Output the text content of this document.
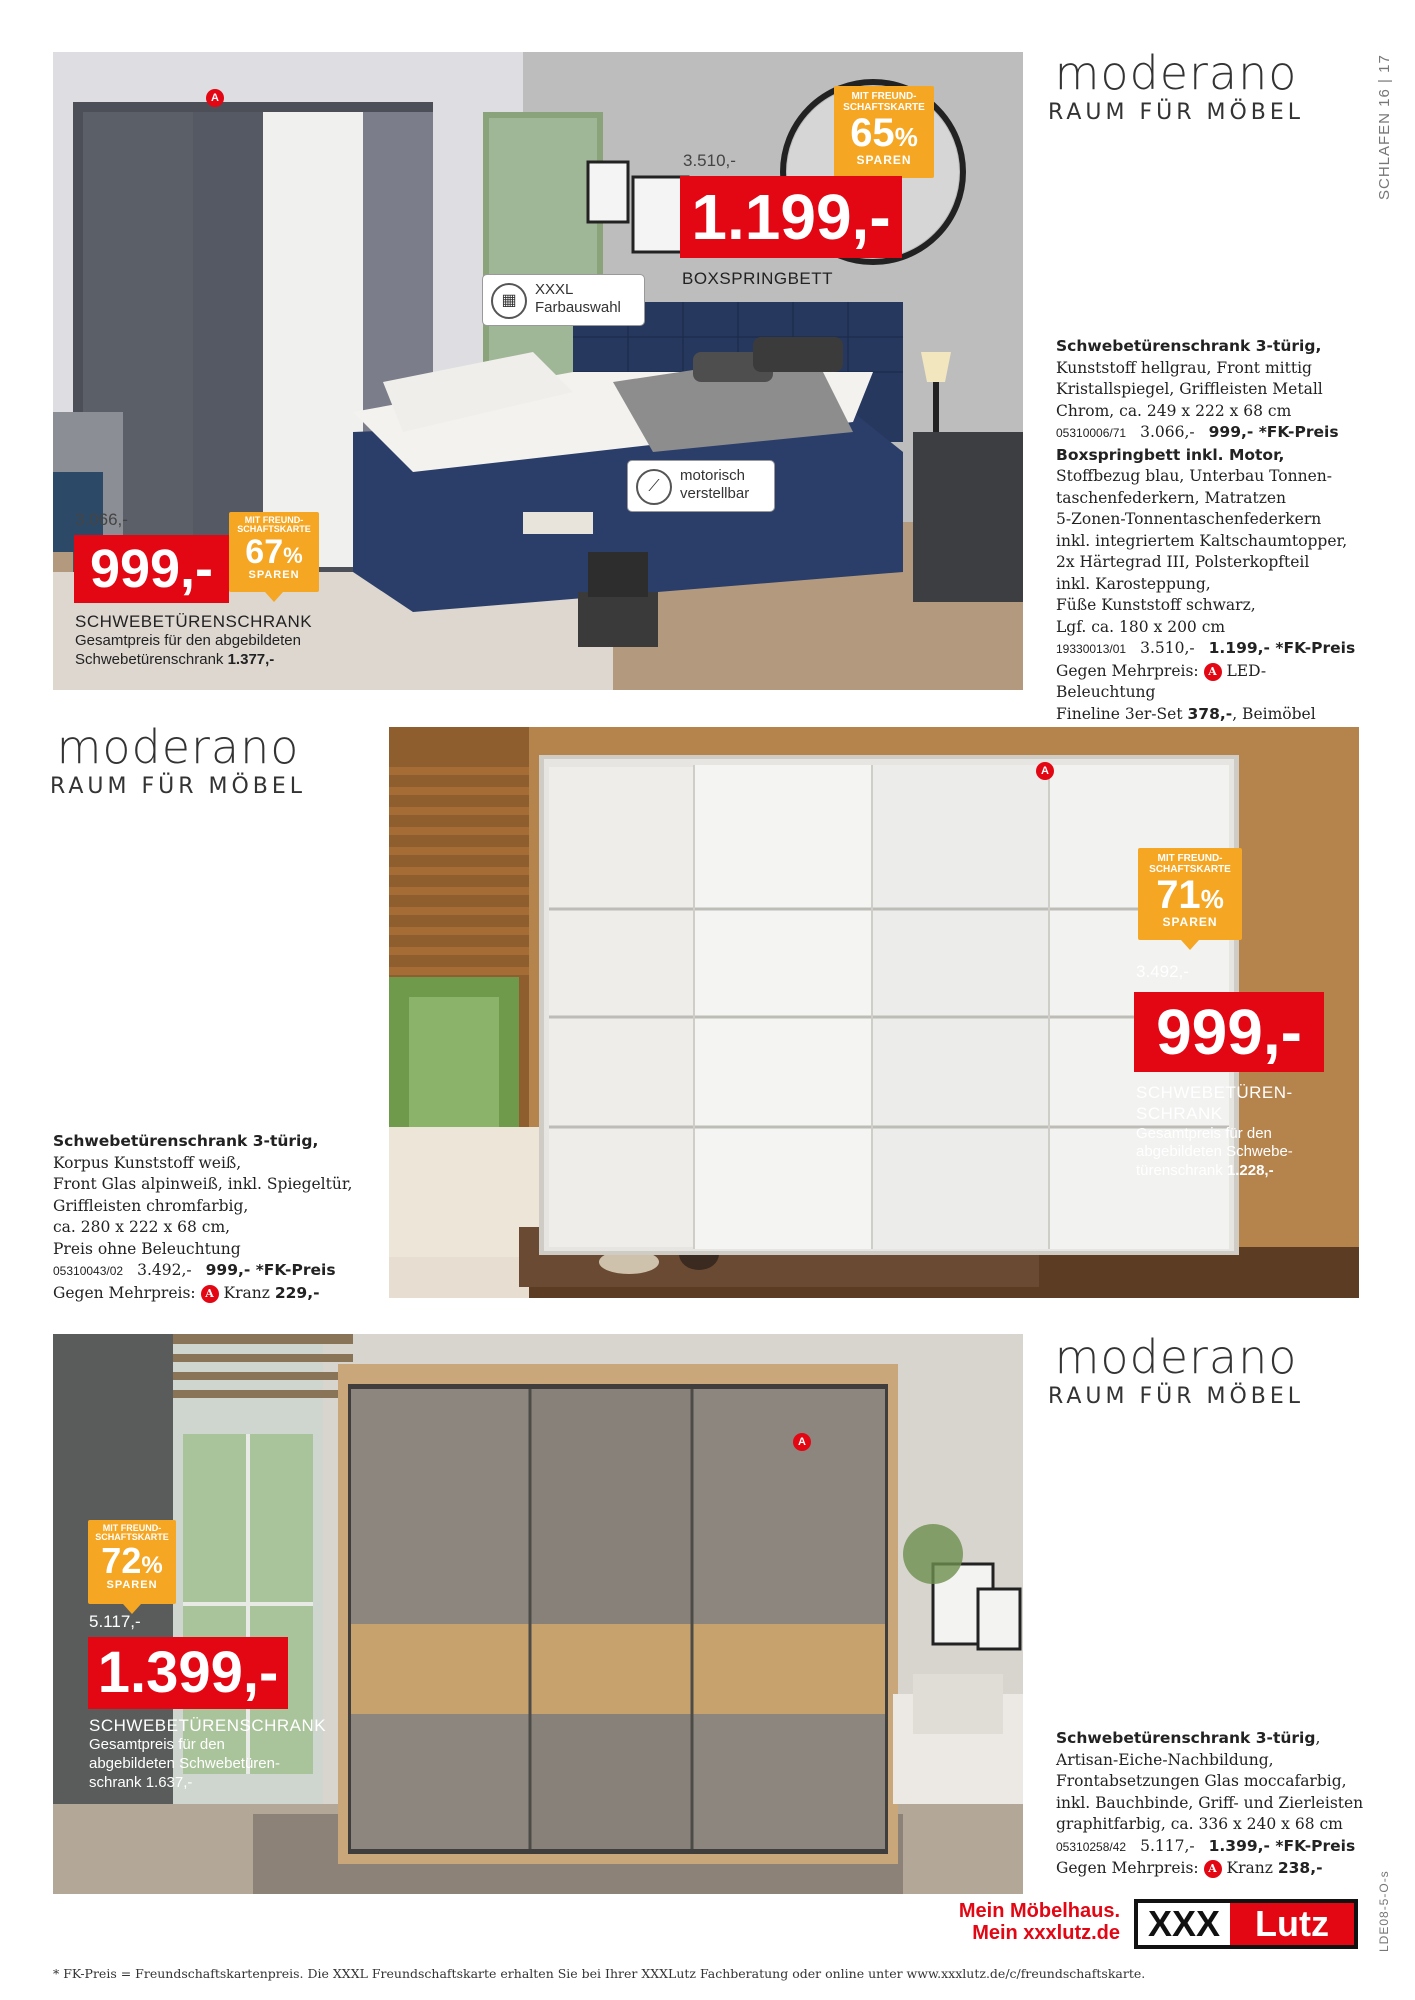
A	MIT FREUND-
SCHAFTSKARTE
65%
SPAREN
3.510,-
1.199,-
BOXSPRINGBETT
▦
XXXL
Farbauswahl
⟋
motorisch
verstellbar
MIT FREUND-
SCHAFTSKARTE
67%
SPAREN
3.066,-
999,-
SCHWEBETÜRENSCHRANK
Gesamtpreis für den abgebildeten
Schwebetürenschrank 1.377,-
moderano
RAUM FÜR MÖBEL	SCHLAFEN 16 | 17
Schwebetürenschrank 3-türig,
Kunststoff hellgrau, Front mittig
Kristallspiegel, Griffleisten Metall
Chrom, ca. 249 x 222 x 68 cm
05310006/71 3.066,- 999,- *FK-Preis
Boxspringbett inkl. Motor,
Stoffbezug blau, Unterbau Tonnen-
taschenfederkern, Matratzen
5-Zonen-Tonnentaschenfederkern
inkl. integriertem Kaltschaumtopper,
2x Härtegrad III, Polsterkopfteil
inkl. Karosteppung,
Füße Kunststoff schwarz,
Lgf. ca. 180 x 200 cm
19330013/01 3.510,- 1.199,- *FK-Preis
Gegen Mehrpreis: A LED-Beleuchtung
Fineline 3er-Set 378,-, Beimöbel
moderano
RAUM FÜR MÖBEL
A
MIT FREUND-
SCHAFTSKARTE
71%
SPAREN
3.492,-
999,-
SCHWEBETÜREN-
SCHRANK
Gesamtpreis für den
abgebildeten Schwebe-
türenschrank 1.228,-
Schwebetürenschrank 3-türig,
Korpus Kunststoff weiß,
Front Glas alpinweiß, inkl. Spiegeltür,
Griffleisten chromfarbig,
ca. 280 x 222 x 68 cm,
Preis ohne Beleuchtung
05310043/02 3.492,- 999,- *FK-Preis
Gegen Mehrpreis: A Kranz 229,-
A
moderano
RAUM FÜR MÖBEL
MIT FREUND-
SCHAFTSKARTE
72%
SPAREN
5.117,-
1.399,-
SCHWEBETÜRENSCHRANK
Gesamtpreis für den
abgebildeten Schwebetüren-
schrank 1.637,-
Schwebetürenschrank 3-türig,
Artisan-Eiche-Nachbildung,
Frontabsetzungen Glas moccafarbig,
inkl. Bauchbinde, Griff- und Zierleisten
graphitfarbig, ca. 336 x 240 x 68 cm
05310258/42 5.117,- 1.399,- *FK-Preis
Gegen Mehrpreis: A Kranz 238,-
Mein Möbelhaus.
Mein xxxlutz.de XXX Lutz	LDE08-5-O-s
* FK-Preis = Freundschaftskartenpreis. Die XXXL Freundschaftskarte erhalten Sie bei Ihrer XXXLutz Fachberatung oder online unter www.xxxlutz.de/c/freundschaftskarte.
